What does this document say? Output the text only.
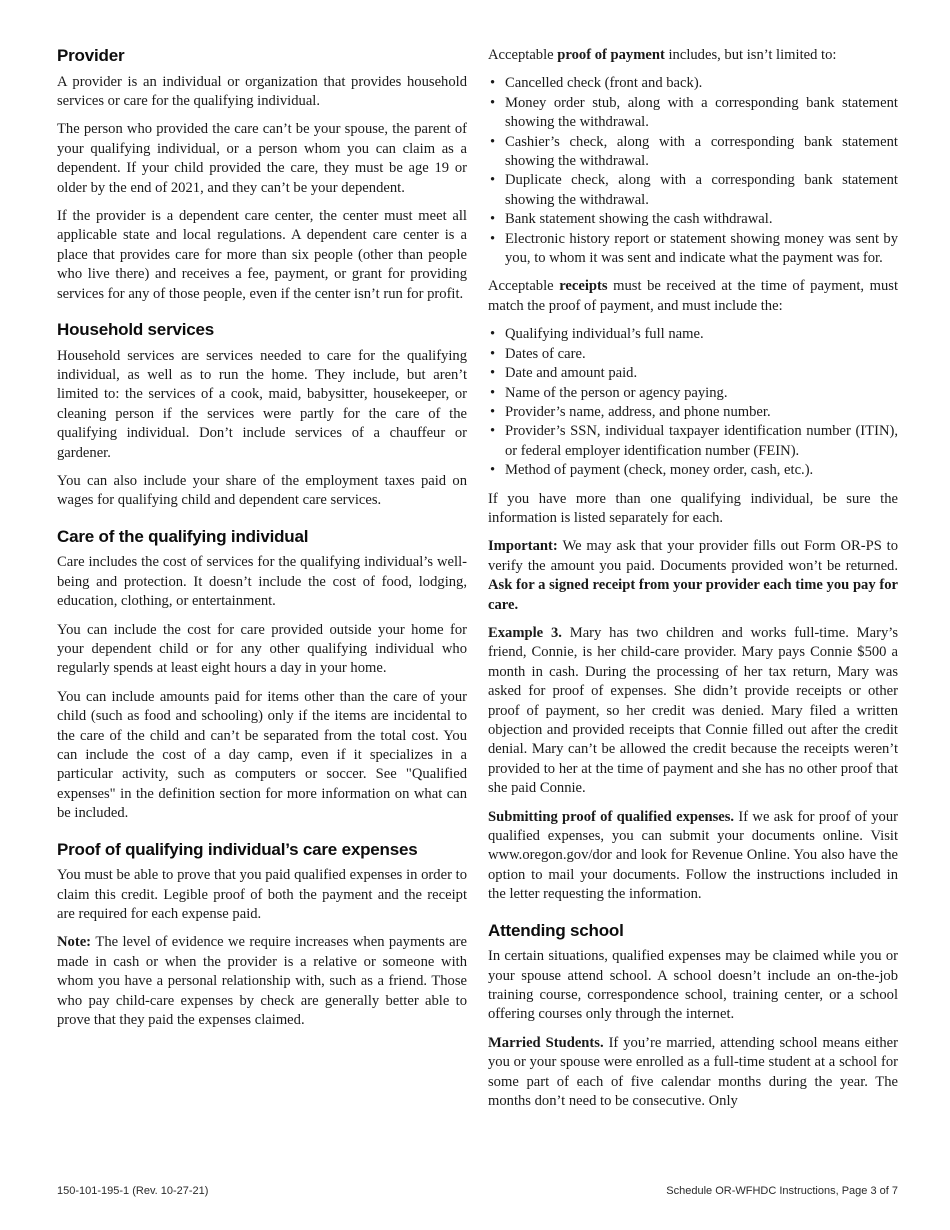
Provider

A provider is an individual or organization that provides household services or care for the qualifying individual.

The person who provided the care can’t be your spouse, the parent of your qualifying individual, or a person whom you can claim as a dependent. If your child provided the care, they must be age 19 or older by the end of 2021, and they can’t be your dependent.

If the provider is a dependent care center, the center must meet all applicable state and local regulations. A dependent care center is a place that provides care for more than six people (other than people who live there) and receives a fee, payment, or grant for providing services for any of those people, even if the center isn’t run for profit.

Household services

Household services are services needed to care for the qualifying individual, as well as to run the home. They include, but aren’t limited to: the services of a cook, maid, babysitter, housekeeper, or cleaning person if the services were partly for the care of the qualifying individual. Don’t include services of a chauffeur or gardener.

You can also include your share of the employment taxes paid on wages for qualifying child and dependent care services.

Care of the qualifying individual

Care includes the cost of services for the qualifying individual’s well-being and protection. It doesn’t include the cost of food, lodging, education, clothing, or entertainment.

You can include the cost for care provided outside your home for your dependent child or for any other qualifying individual who regularly spends at least eight hours a day in your home.

You can include amounts paid for items other than the care of your child (such as food and schooling) only if the items are incidental to the care of the child and can’t be separated from the total cost. You can include the cost of a day camp, even if it specializes in a particular activity, such as computers or soccer. See "Qualified expenses" in the definition section for more information on what can be included.

Proof of qualifying individual’s care expenses

You must be able to prove that you paid qualified expenses in order to claim this credit. Legible proof of both the payment and the receipt are required for each expense paid.

Note: The level of evidence we require increases when payments are made in cash or when the provider is a relative or someone with whom you have a personal relationship with, such as a friend. Those who pay child-care expenses by check are generally better able to prove that they paid the expenses claimed.

Acceptable proof of payment includes, but isn’t limited to:

• Cancelled check (front and back).
• Money order stub, along with a corresponding bank statement showing the withdrawal.
• Cashier’s check, along with a corresponding bank statement showing the withdrawal.
• Duplicate check, along with a corresponding bank statement showing the withdrawal.
• Bank statement showing the cash withdrawal.
• Electronic history report or statement showing money was sent by you, to whom it was sent and indicate what the payment was for.

Acceptable receipts must be received at the time of payment, must match the proof of payment, and must include the:

• Qualifying individual’s full name.
• Dates of care.
• Date and amount paid.
• Name of the person or agency paying.
• Provider’s name, address, and phone number.
• Provider’s SSN, individual taxpayer identification number (ITIN), or federal employer identification number (FEIN).
• Method of payment (check, money order, cash, etc.).

If you have more than one qualifying individual, be sure the information is listed separately for each.

Important: We may ask that your provider fills out Form OR-PS to verify the amount you paid. Documents provided won’t be returned. Ask for a signed receipt from your provider each time you pay for care.

Example 3. Mary has two children and works full-time. Mary’s friend, Connie, is her child-care provider. Mary pays Connie $500 a month in cash. During the processing of her tax return, Mary was asked for proof of expenses. She didn’t provide receipts or other proof of payment, so her credit was denied. Mary filed a written objection and provided receipts that Connie filled out after the credit denial. Mary can’t be allowed the credit because the receipts weren’t provided to her at the time of payment and she has no other proof that she paid Connie.

Submitting proof of qualified expenses. If we ask for proof of your qualified expenses, you can submit your documents online. Visit www.oregon.gov/dor and look for Revenue Online. You also have the option to mail your documents. Follow the instructions included in the letter requesting the information.

Attending school

In certain situations, qualified expenses may be claimed while you or your spouse attend school. A school doesn’t include an on-the-job training course, correspondence school, training center, or a school offering courses only through the internet.

Married Students. If you’re married, attending school means either you or your spouse were enrolled as a full-time student at a school for some part of each of five calendar months during the year. The months don’t need to be consecutive. Only

150-101-195-1 (Rev. 10-27-21)	Schedule OR-WFHDC Instructions, Page 3 of 7
